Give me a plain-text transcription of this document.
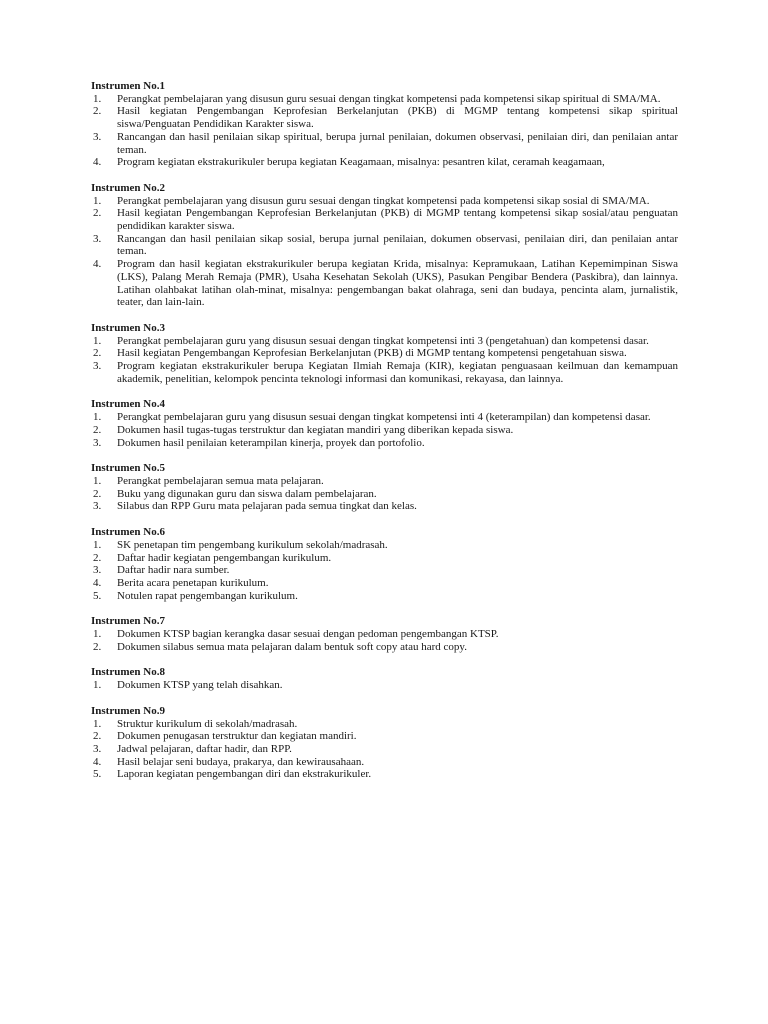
Instrumen No.1
1. Perangkat pembelajaran yang disusun guru sesuai dengan tingkat kompetensi pada kompetensi sikap spiritual di SMA/MA.
2. Hasil kegiatan Pengembangan Keprofesian Berkelanjutan (PKB) di MGMP tentang kompetensi sikap spiritual siswa/Penguatan Pendidikan Karakter siswa.
3. Rancangan dan hasil penilaian sikap spiritual, berupa jurnal penilaian, dokumen observasi, penilaian diri, dan penilaian antar teman.
4. Program kegiatan ekstrakurikuler berupa kegiatan Keagamaan, misalnya: pesantren kilat, ceramah keagamaan,
Instrumen No.2
1. Perangkat pembelajaran yang disusun guru sesuai dengan tingkat kompetensi pada kompetensi sikap sosial di SMA/MA.
2. Hasil kegiatan Pengembangan Keprofesian Berkelanjutan (PKB) di MGMP tentang kompetensi sikap sosial/atau penguatan pendidikan karakter siswa.
3. Rancangan dan hasil penilaian sikap sosial, berupa jurnal penilaian, dokumen observasi, penilaian diri, dan penilaian antar teman.
4. Program dan hasil kegiatan ekstrakurikuler berupa kegiatan Krida, misalnya: Kepramukaan, Latihan Kepemimpinan Siswa (LKS), Palang Merah Remaja (PMR), Usaha Kesehatan Sekolah (UKS), Pasukan Pengibar Bendera (Paskibra), dan lainnya. Latihan olahbakat latihan olah-minat, misalnya: pengembangan bakat olahraga, seni dan budaya, pencinta alam, jurnalistik, teater, dan lain-lain.
Instrumen No.3
1. Perangkat pembelajaran guru yang disusun sesuai dengan tingkat kompetensi inti 3 (pengetahuan) dan kompetensi dasar.
2. Hasil kegiatan Pengembangan Keprofesian Berkelanjutan (PKB) di MGMP tentang kompetensi pengetahuan siswa.
3. Program kegiatan ekstrakurikuler berupa Kegiatan Ilmiah Remaja (KIR), kegiatan penguasaan keilmuan dan kemampuan akademik, penelitian, kelompok pencinta teknologi informasi dan komunikasi, rekayasa, dan lainnya.
Instrumen No.4
1. Perangkat pembelajaran guru yang disusun sesuai dengan tingkat kompetensi inti 4 (keterampilan) dan kompetensi dasar.
2. Dokumen hasil tugas-tugas terstruktur dan kegiatan mandiri yang diberikan kepada siswa.
3. Dokumen hasil penilaian keterampilan kinerja, proyek dan portofolio.
Instrumen No.5
1. Perangkat pembelajaran semua mata pelajaran.
2. Buku yang digunakan guru dan siswa dalam pembelajaran.
3. Silabus dan RPP Guru mata pelajaran pada semua tingkat dan kelas.
Instrumen No.6
1. SK penetapan tim pengembang kurikulum sekolah/madrasah.
2. Daftar hadir kegiatan pengembangan kurikulum.
3. Daftar hadir nara sumber.
4. Berita acara penetapan kurikulum.
5. Notulen rapat pengembangan kurikulum.
Instrumen No.7
1. Dokumen KTSP bagian kerangka dasar sesuai dengan pedoman pengembangan KTSP.
2. Dokumen silabus semua mata pelajaran dalam bentuk soft copy atau hard copy.
Instrumen No.8
1. Dokumen KTSP yang telah disahkan.
Instrumen No.9
1. Struktur kurikulum di sekolah/madrasah.
2. Dokumen penugasan terstruktur dan kegiatan mandiri.
3. Jadwal pelajaran, daftar hadir, dan RPP.
4. Hasil belajar seni budaya, prakarya, dan kewirausahaan.
5. Laporan kegiatan pengembangan diri dan ekstrakurikuler.
